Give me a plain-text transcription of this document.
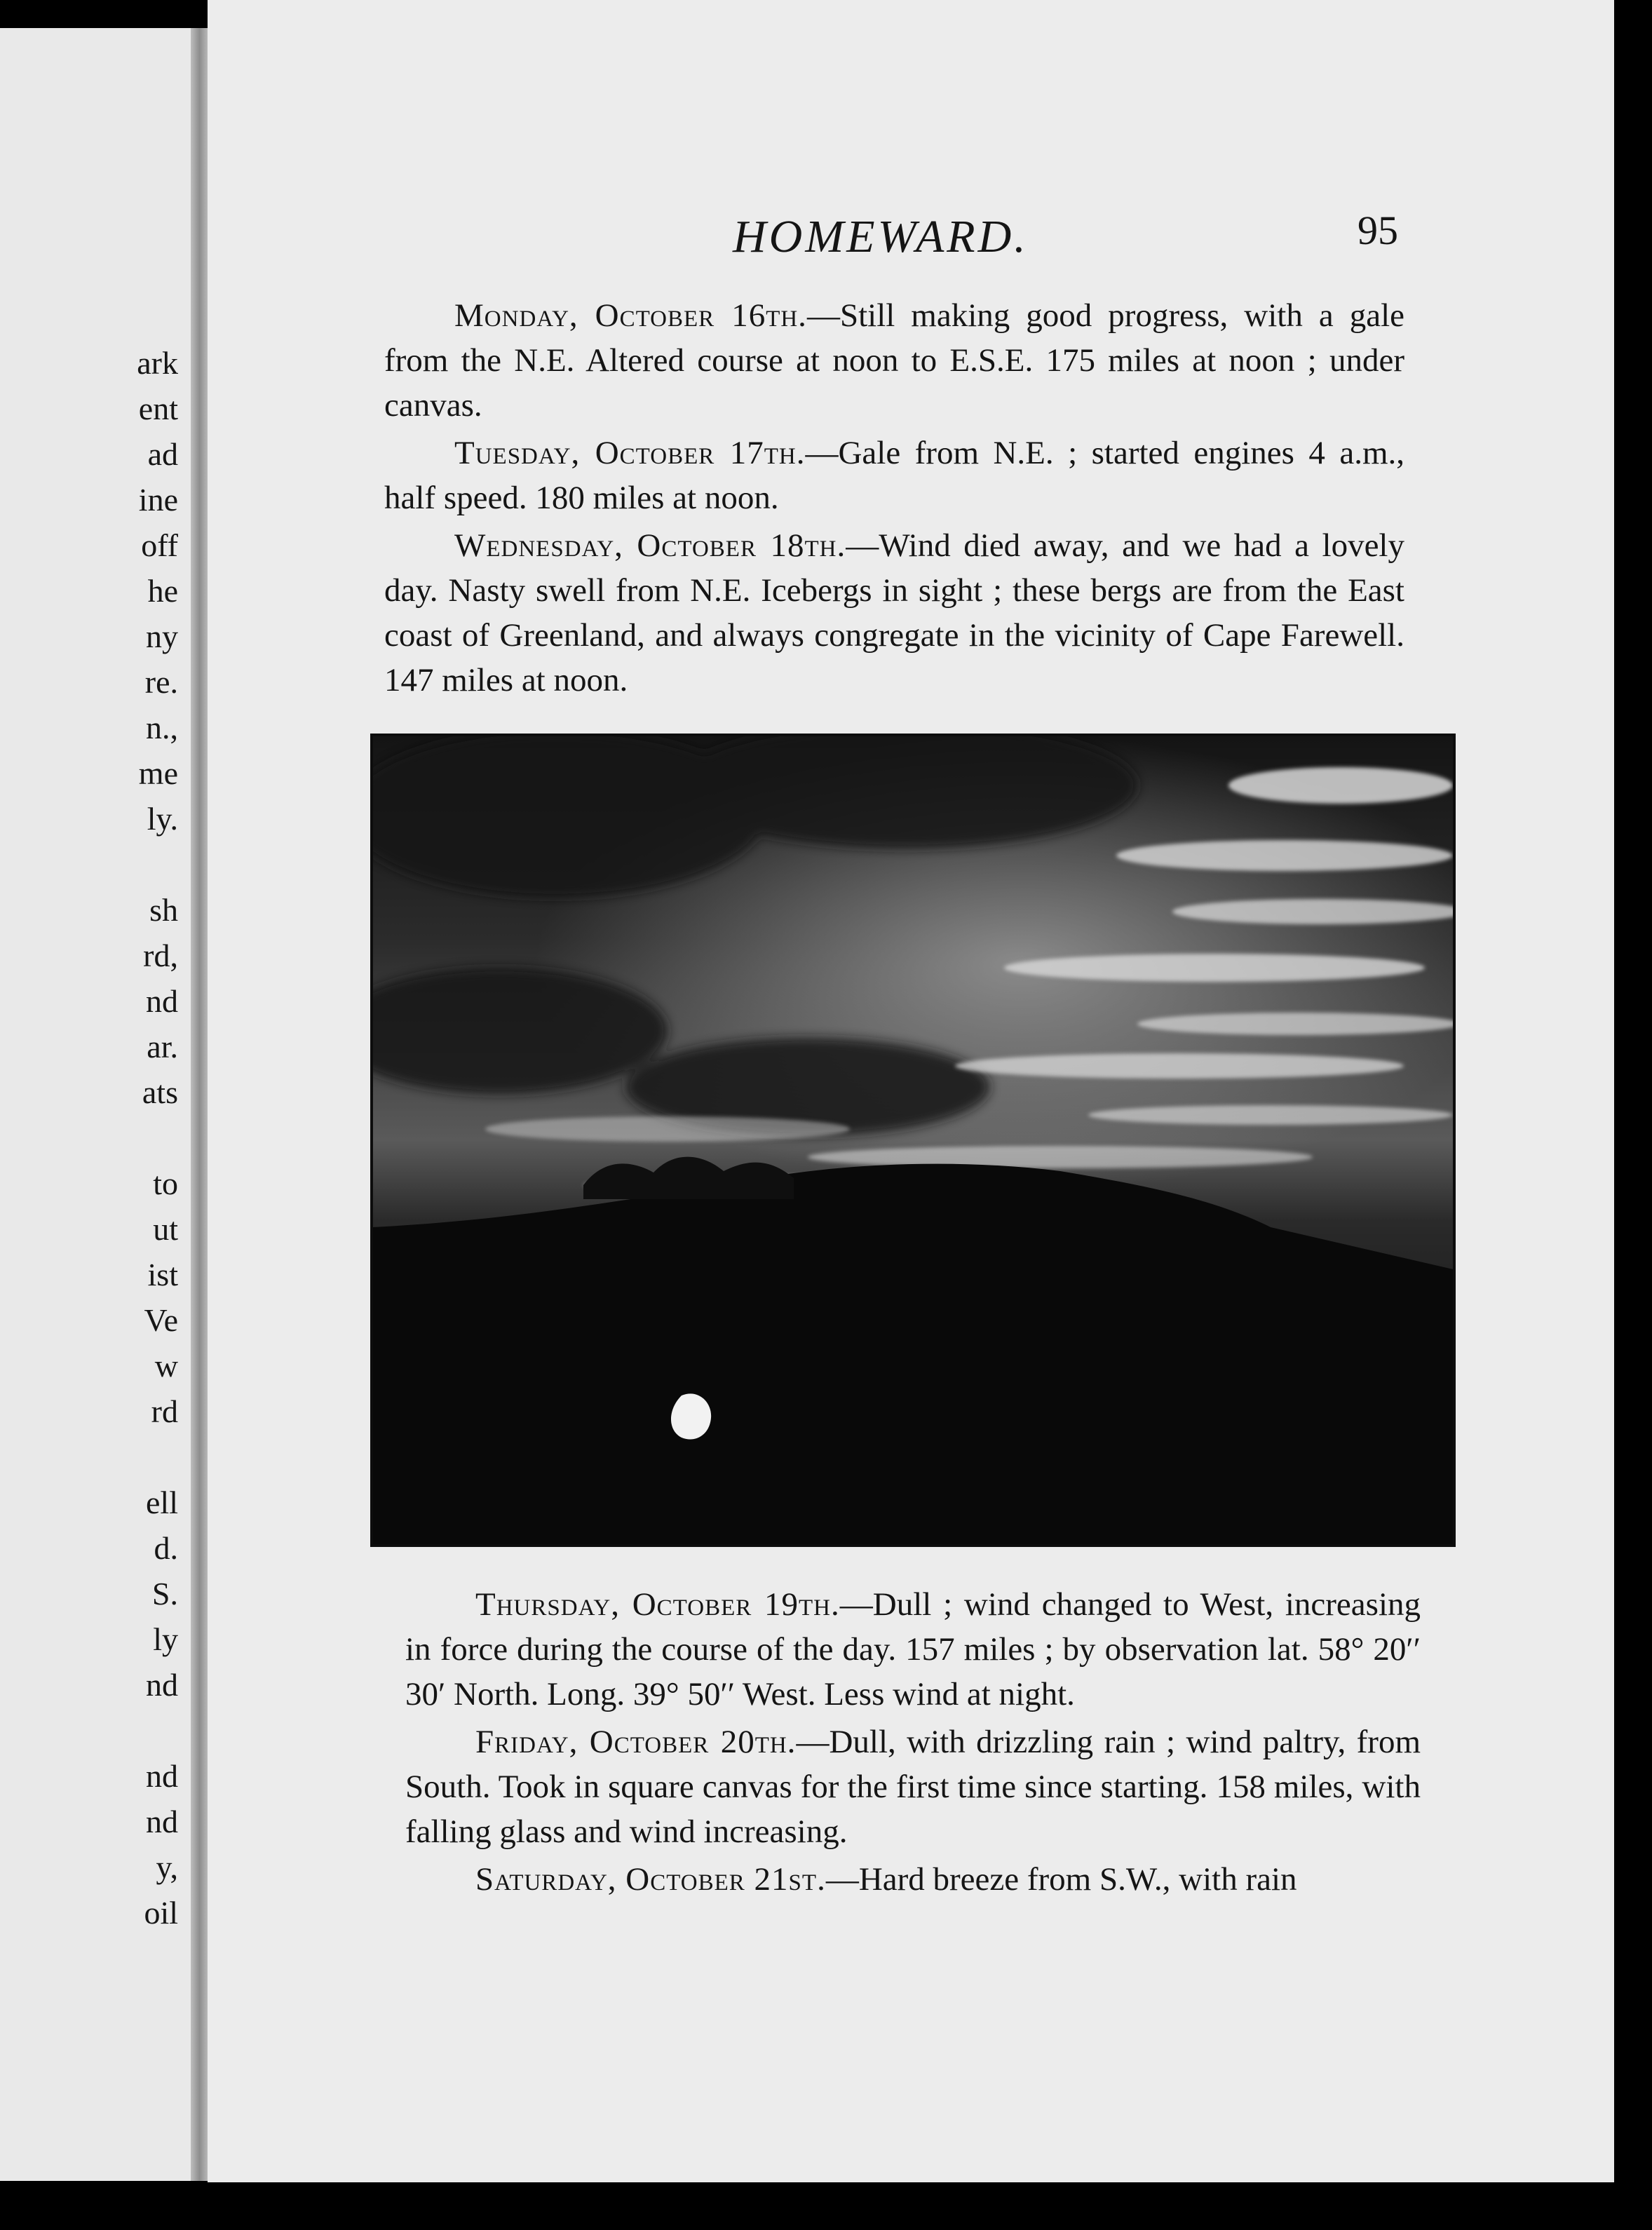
ark
ent
ad
ine
off
he
ny
re.
n.,
me
ly.
sh
rd,
nd
ar.
ats
to
ut
ist
Ve
w
rd
ell
d.
S.
ly
nd
nd
nd
y,
oil
HOMEWARD.	95

Monday, October 16th.—Still making good progress, with a gale from the N.E. Altered course at noon to E.S.E. 175 miles at noon ; under canvas.

Tuesday, October 17th.—Gale from N.E. ; started engines 4 a.m., half speed. 180 miles at noon.

Wednesday, October 18th.—Wind died away, and we had a lovely day. Nasty swell from N.E. Icebergs in sight ; these bergs are from the East coast of Greenland, and always congregate in the vicinity of Cape Farewell. 147 miles at noon.

Thursday, October 19th.—Dull ; wind changed to West, increasing in force during the course of the day. 157 miles ; by observation lat. 58° 20′′ 30′ North. Long. 39° 50′′ West. Less wind at night.

Friday, October 20th.—Dull, with drizzling rain ; wind paltry, from South. Took in square canvas for the first time since starting. 158 miles, with falling glass and wind increasing.

Saturday, October 21st.—Hard breeze from S.W., with rain
